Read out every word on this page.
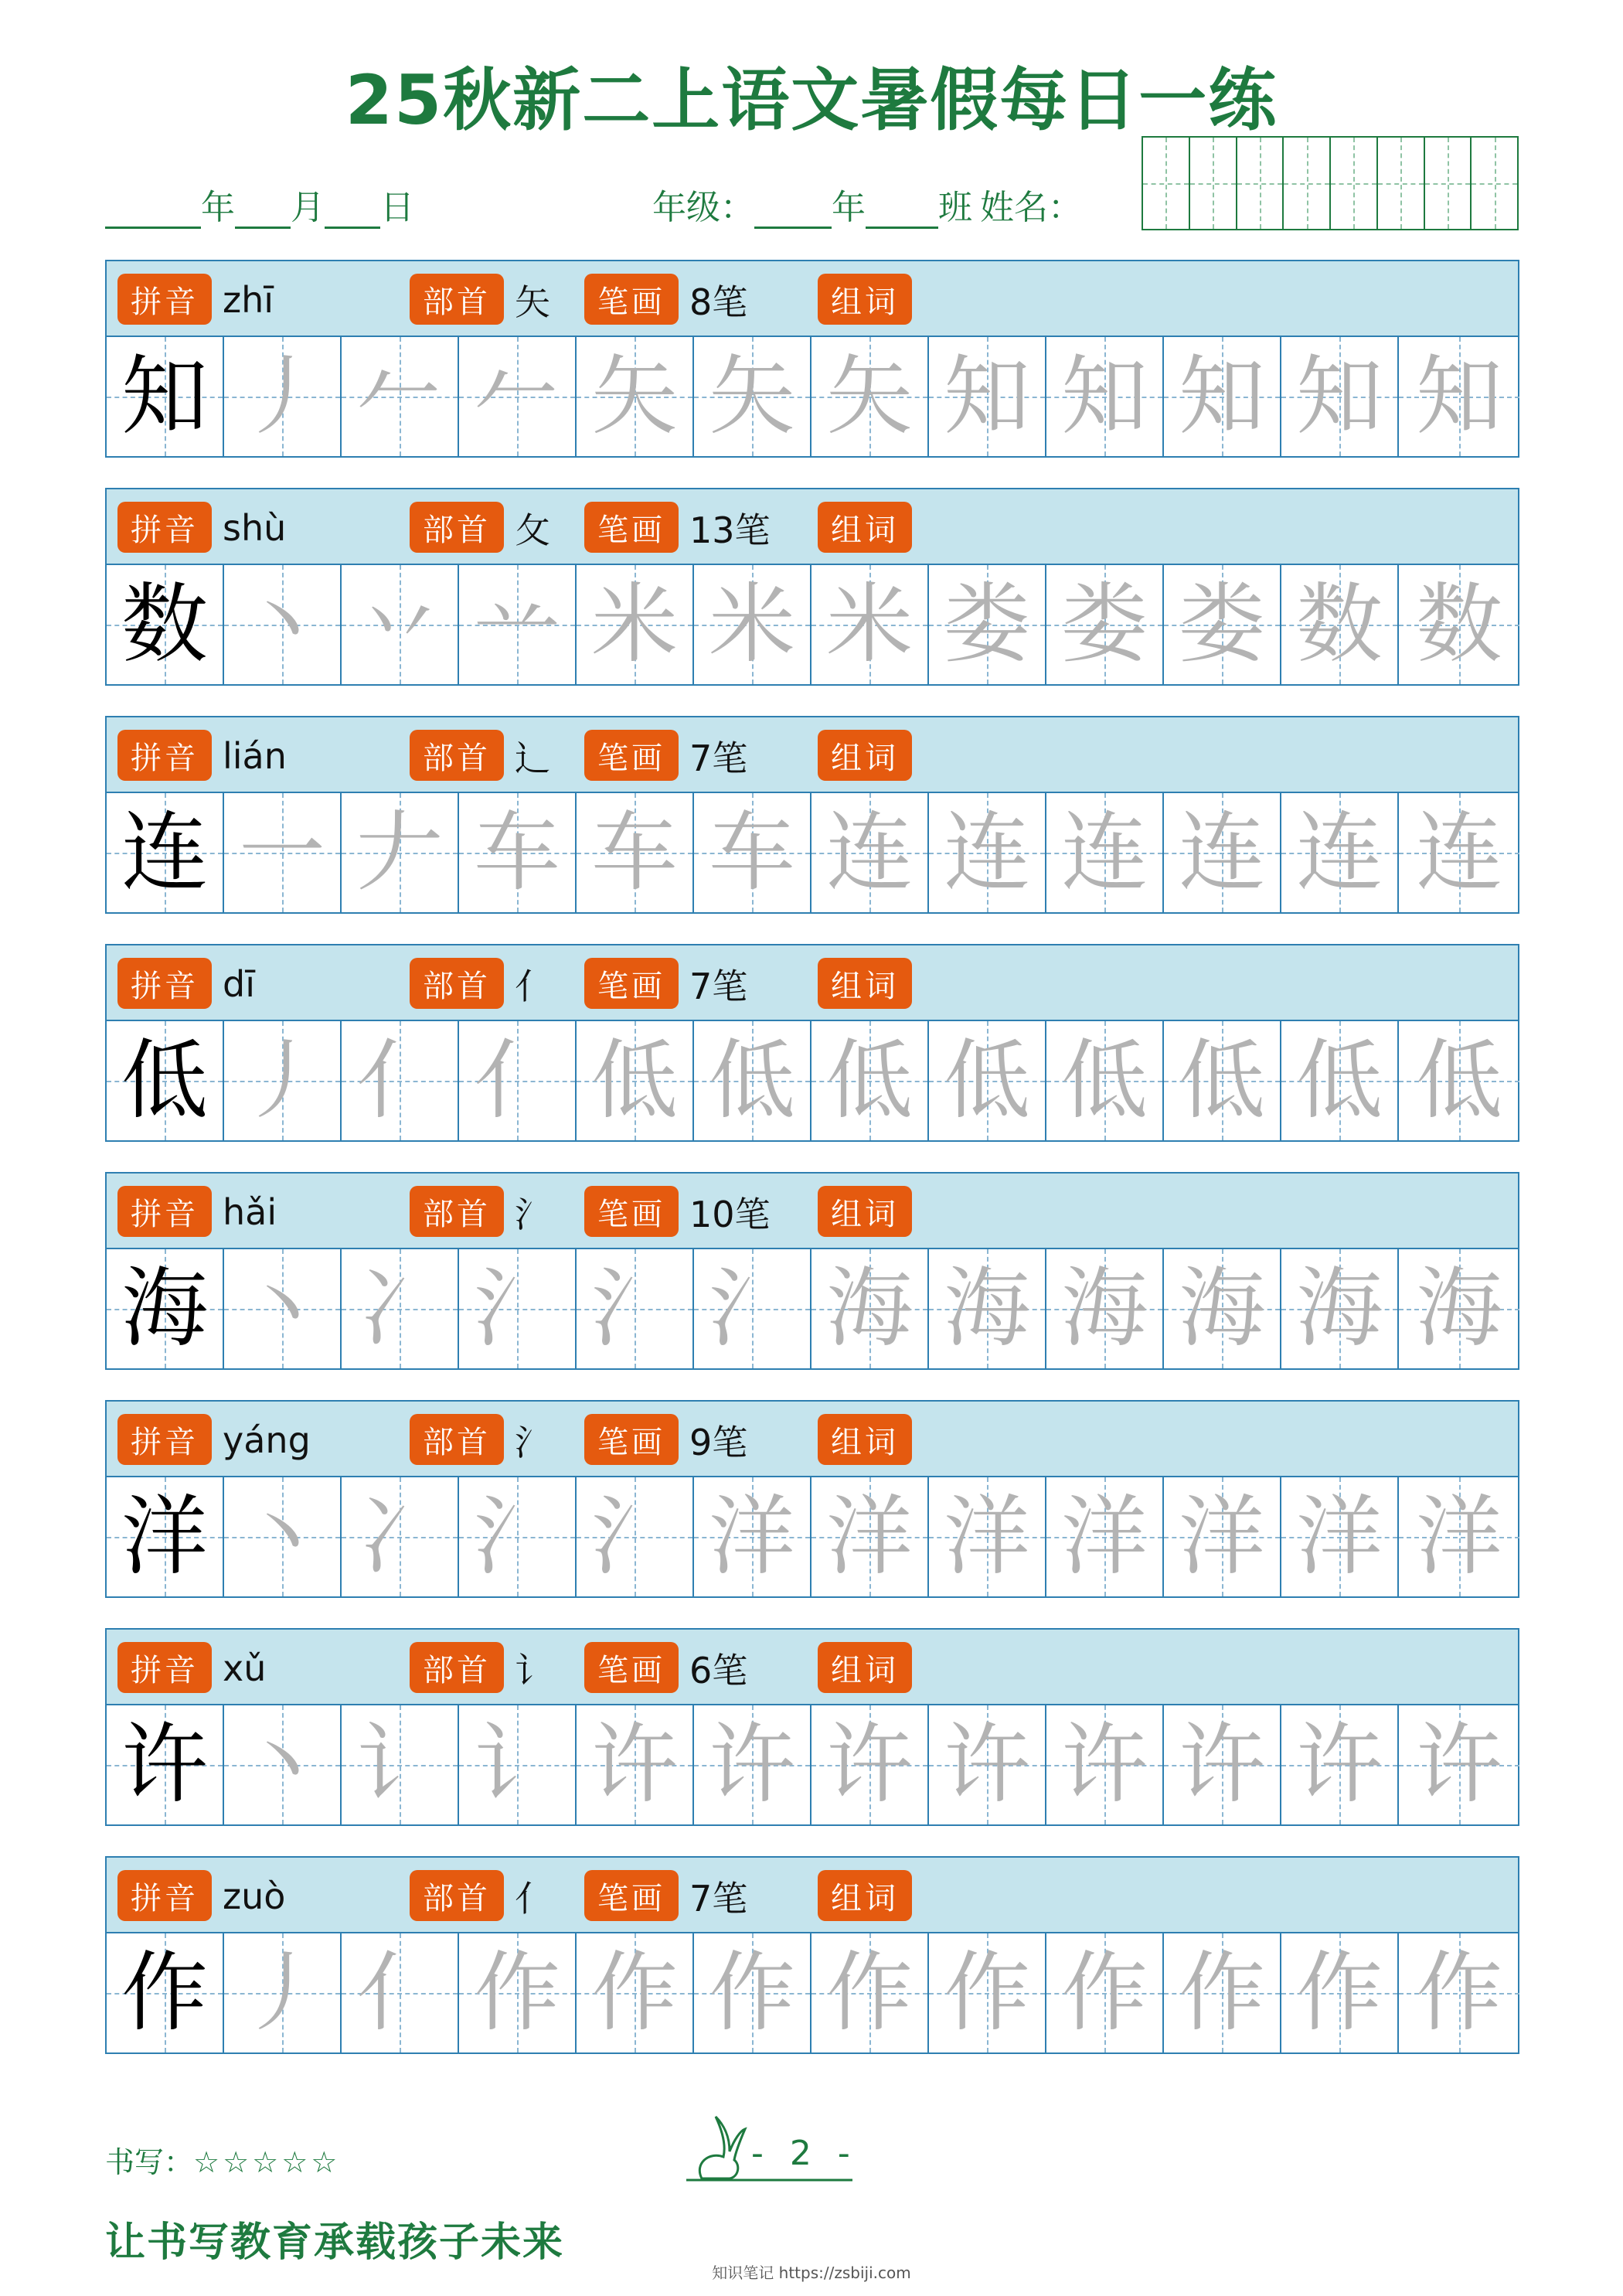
25秋新二上语文暑假每日一练
年 月 日	年级： 年 班 姓名：
拼音 zhī	部首 矢	笔画 8笔	组词
知 丿 𠂉 𠂉 矢 矢 矢 知 知 知 知 知
拼音 shù	部首 攵	笔画 13笔	组词
数 丶 丷 䒑 米 米 米 娄 娄 娄 数 数
拼音 lián	部首 辶	笔画 7笔	组词
连 一 𠂇 车 车 车 连 连 连 连 连 连
拼音 dī	部首 亻	笔画 7笔	组词
低 丿 亻 亻 低 低 低 低 低 低 低 低
拼音 hǎi	部首 氵	笔画 10笔	组词
海 丶 冫 氵 氵 氵 海 海 海 海 海 海
拼音 yáng	部首 氵	笔画 9笔	组词
洋 丶 冫 氵 氵 洋 洋 洋 洋 洋 洋 洋
拼音 xǔ	部首 讠	笔画 6笔	组词
许 丶 讠 讠 许 许 许 许 许 许 许 许
拼音 zuò	部首 亻	笔画 7笔	组词
作 丿 亻 作 作 作 作 作 作 作 作 作
书写：☆☆☆☆☆	- 2 -
让书写教育承载孩子未来
知识笔记 https://zsbiji.com
